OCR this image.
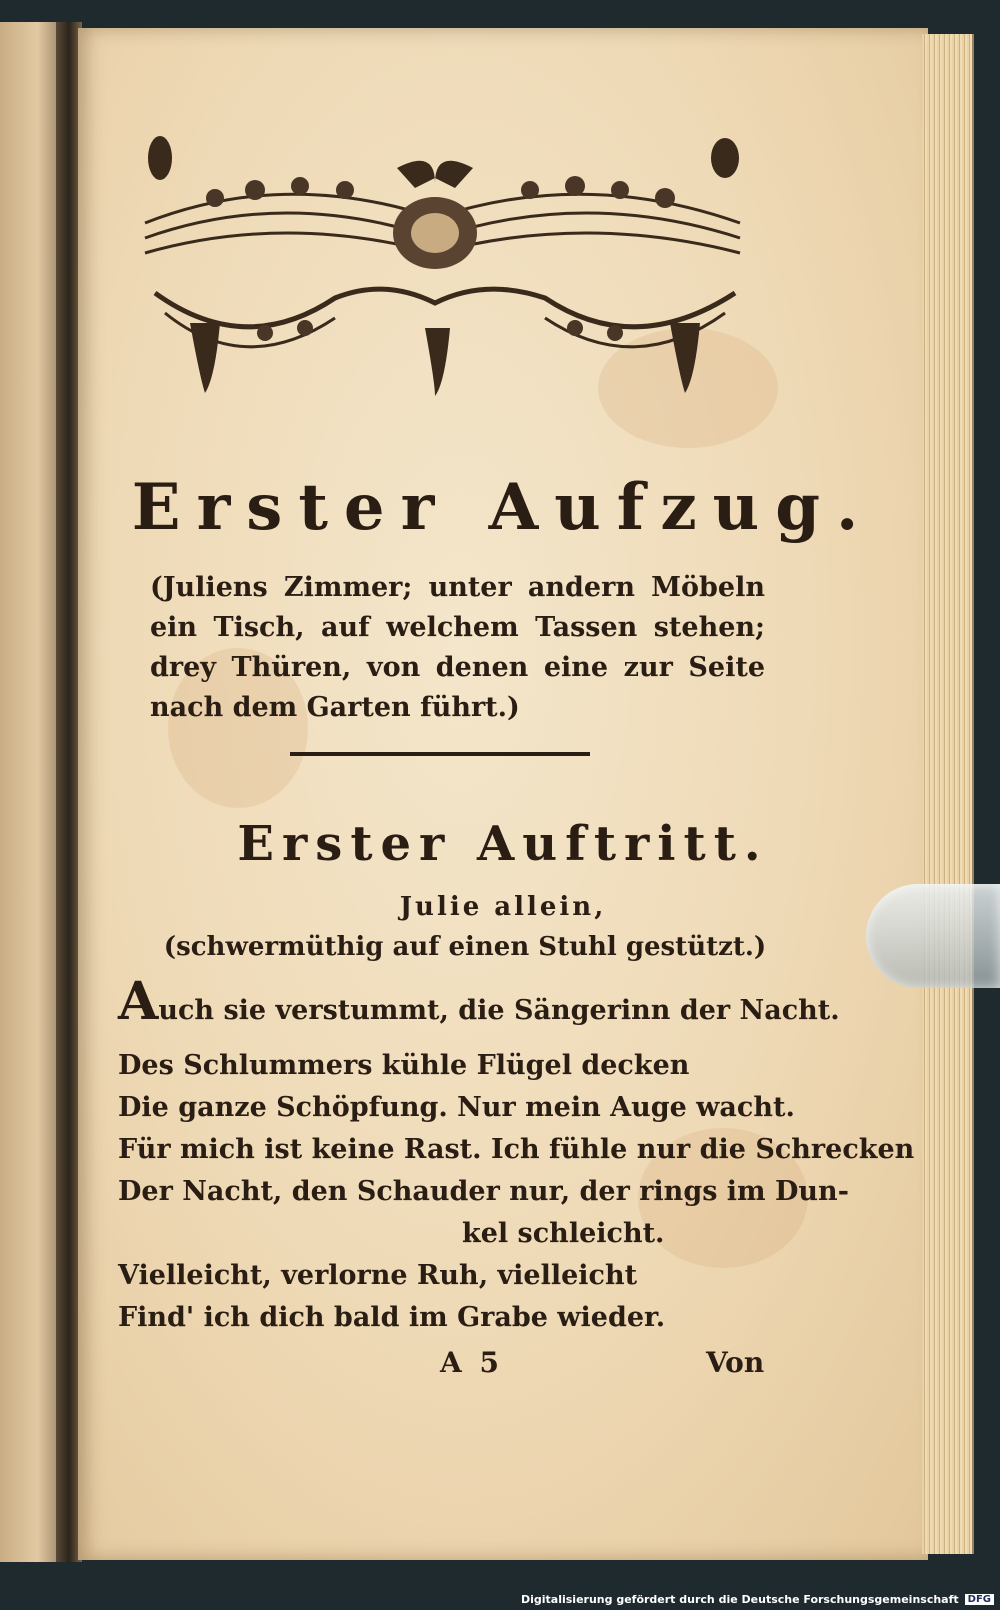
Erster Aufzug.
(Juliens Zimmer; unter andern Möbeln ein Tisch, auf welchem Tassen stehen; drey Thüren, von denen eine zur Seite nach dem Garten führt.)
Erster Auftritt.
Julie allein,
(schwermüthig auf einen Stuhl gestützt.)
Auch sie verstummt, die Sängerinn der Nacht.
Des Schlummers kühle Flügel decken
Die ganze Schöpfung. Nur mein Auge wacht.
Für mich ist keine Rast. Ich fühle nur die Schrecken
Der Nacht, den Schauder nur, der rings im Dun-
kel schleicht.
Vielleicht, verlorne Ruh, vielleicht
Find' ich dich bald im Grabe wieder.
A 5	Von
Digitalisierung gefördert durch die Deutsche Forschungsgemeinschaft DFG
